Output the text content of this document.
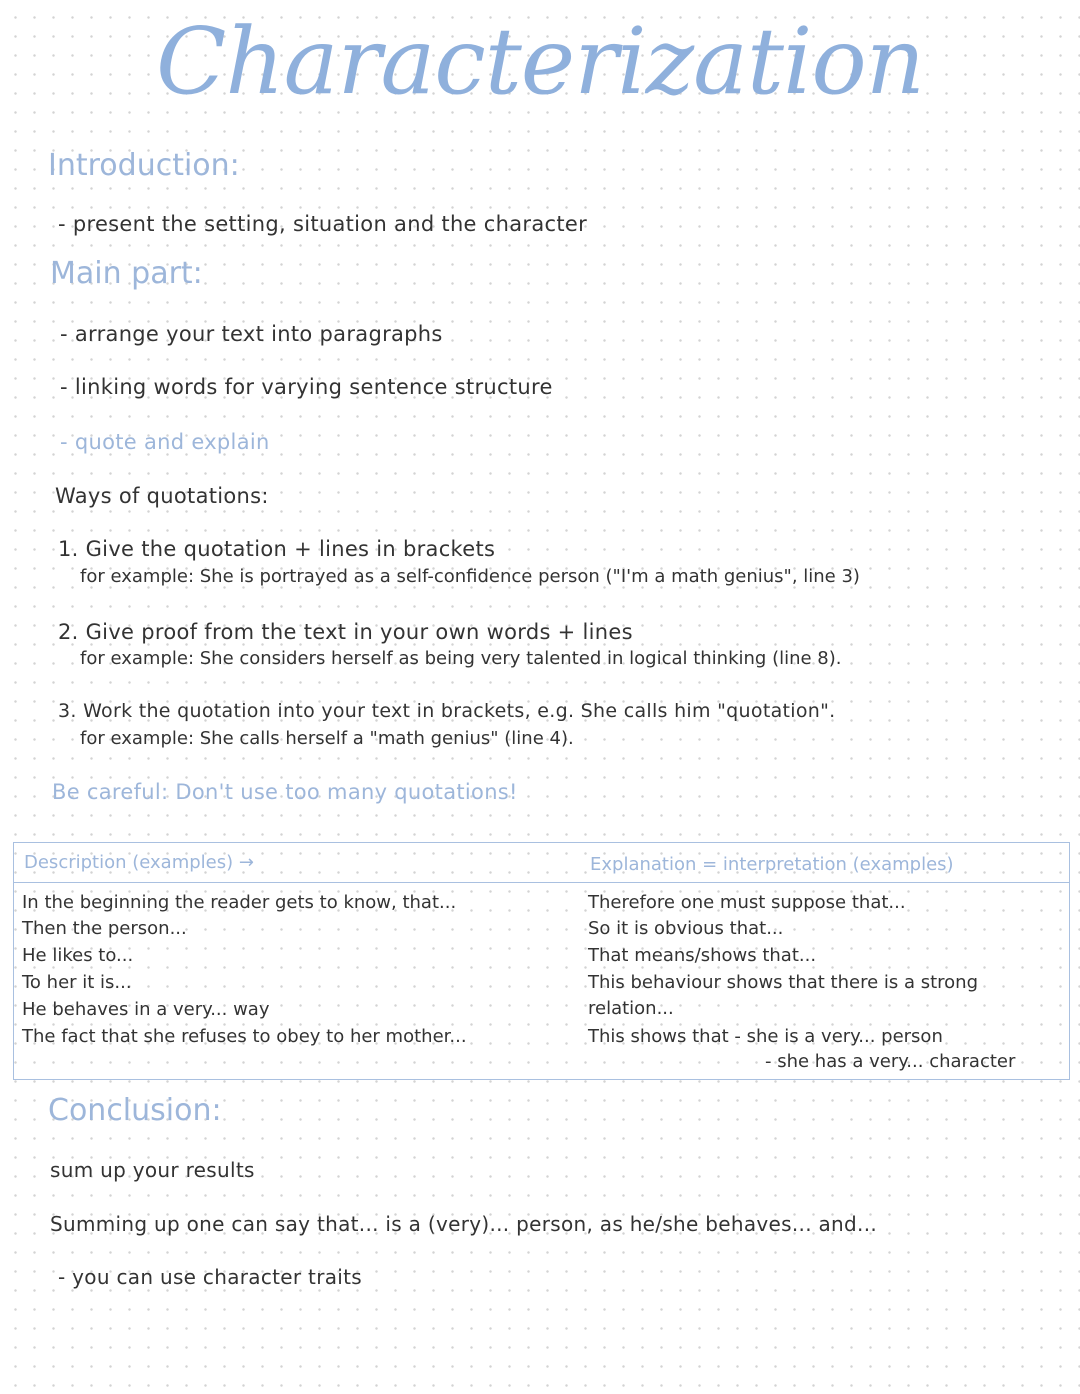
Characterization
Introduction:
- present the setting, situation and the character
Main part:
- arrange your text into paragraphs
- linking words for varying sentence structure
- quote and explain
Ways of quotations:
1. Give the quotation + lines in brackets
for example: She is portrayed as a self-confidence person ("I'm a math genius", line 3)
2. Give proof from the text in your own words + lines
for example: She considers herself as being very talented in logical thinking (line 8).
3. Work the quotation into your text in brackets, e.g. She calls him "quotation".
for example: She calls herself a "math genius" (line 4).
Be careful: Don't use too many quotations!
Description (examples) →	Explanation = interpretation (examples)
In the beginning the reader gets to know, that...
Then the person...
He likes to...
To her it is...
He behaves in a very... way
The fact that she refuses to obey to her mother...
Therefore one must suppose that...
So it is obvious that...
That means/shows that...
This behaviour shows that there is a strong
relation...
This shows that - she is a very... person
- she has a very... character
Conclusion:
sum up your results
Summing up one can say that... is a (very)... person, as he/she behaves... and...
- you can use character traits
